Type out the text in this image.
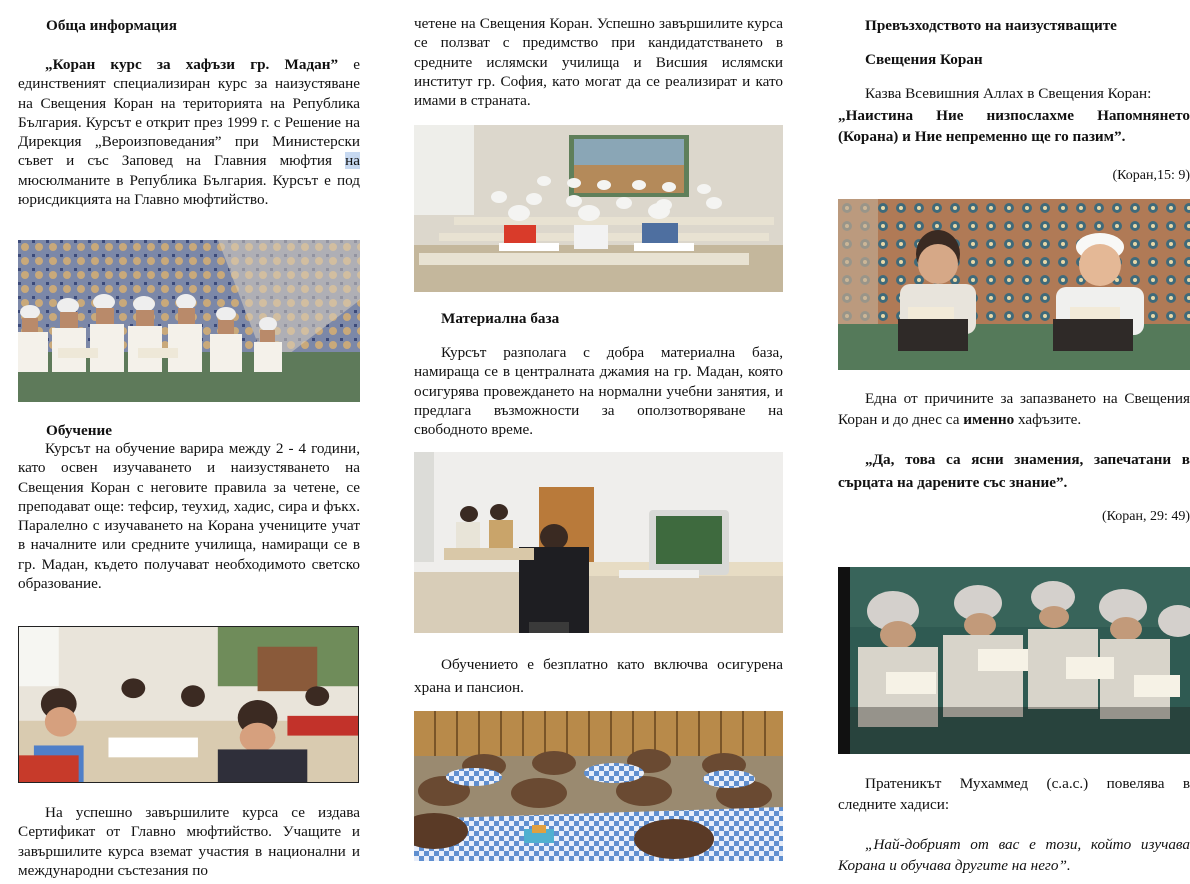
Обща информация

„Коран курс за хафъзи гр. Мадан” е единственият специализиран курс за наизустяване на Свещения Коран на територията на Република България. Курсът е открит през 1999 г. с Решение на Дирекция „Вероизповедания” при Министерски съвет и със Заповед на Главния мюфтия на мюсюлманите в Република България. Курсът е под юрисдикцията на Главно мюфтийство.

Обучение

Курсът на обучение варира между 2 - 4 години, като освен изучаването и наизустяването на Свещения Коран с неговите правила за четене, се преподават още: тефсир, теухид, хадис, сира и фъкх. Паралелно с изучаването на Корана учениците учат в началните или средните училища, намиращи се в гр. Мадан, където получават необходимото светско образование.

На успешно завършилите курса се издава Сертификат от Главно мюфтийство. Учащите и завършилите курса вземат участия в национални и международни състезания по

четене на Свещения Коран. Успешно завършилите курса се ползват с предимство при кандидатстването в средните ислямски училища и Висшия ислямски институт гр. София, като могат да се реализират и като имами в страната.

Материална база

Курсът разполага с добра материална база, намираща се в централната джамия на гр. Мадан, която осигурява провеждането на нормални учебни занятия, и предлага възможности за оползотворяване на свободното време.

Обучението е безплатно като включва осигурена храна и пансион.

Превъзходството на наизустяващите
Свещения Коран

Казва Всевишния Аллах в Свещения Коран:

„Наистина Ние низпослахме Напомнянето (Корана) и Ние непременно ще го пазим”.

(Коран,15: 9)

Една от причините за запазването на Свещения Коран и до днес са именно хафъзите.

„Да, това са ясни знамения, запечатани в сърцата на дарените със знание”.

(Коран, 29: 49)

Пратеникът Мухаммед (с.а.с.) повелява в следните хадиси:

„Най-добрият от вас е този, който изучава Корана и обучава другите на него”.
